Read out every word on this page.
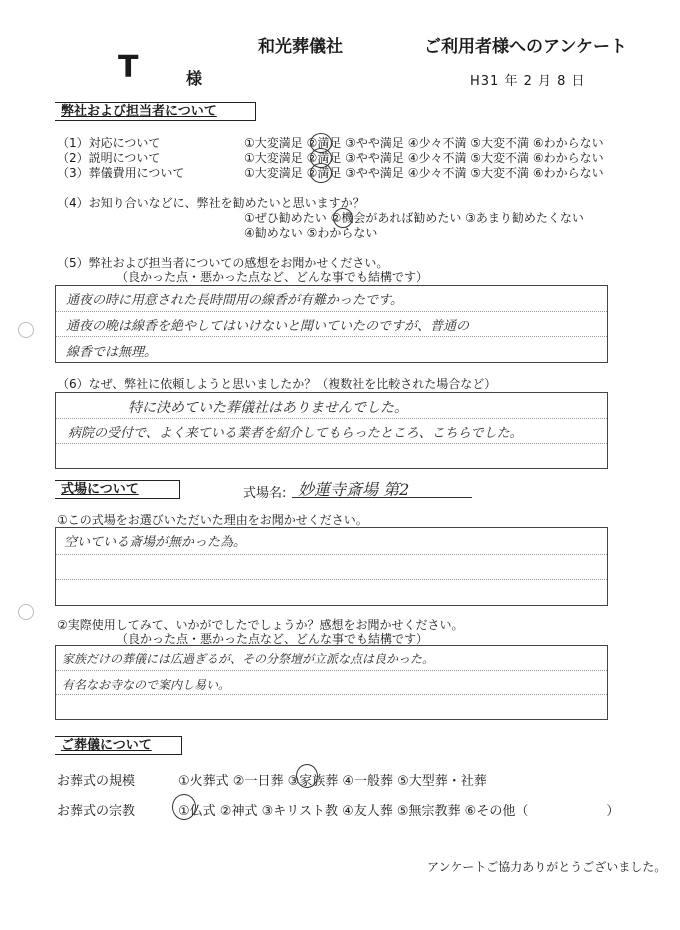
和光葬儀社	ご利用者様へのアンケート
T	様	H31 年 2 月 8 日
弊社および担当者について
（1）対応について	①大変満足 ②満足 ③やや満足 ④少々不満 ⑤大変不満 ⑥わからない
（2）説明について	①大変満足 ②満足 ③やや満足 ④少々不満 ⑤大変不満 ⑥わからない
（3）葬儀費用について	①大変満足 ②満足 ③やや満足 ④少々不満 ⑤大変不満 ⑥わからない
（4）お知り合いなどに、弊社を勧めたいと思いますか？
①ぜひ勧めたい ②機会があれば勧めたい ③あまり勧めたくない
④勧めない ⑤わからない
（5）弊社および担当者についての感想をお聞かせください。
（良かった点・悪かった点など、どんな事でも結構です）
通夜の時に用意された長時間用の線香が有難かったです。
通夜の晩は線香を絶やしてはいけないと聞いていたのですが、普通の
線香では無理。
（6）なぜ、弊社に依頼しようと思いましたか？（複数社を比較された場合など）
特に決めていた葬儀社はありませんでした。
病院の受付で、よく来ている業者を紹介してもらったところ、こちらでした。
式場について	式場名: 妙蓮寺斎場 第2
①この式場をお選びいただいた理由をお聞かせください。
空いている斎場が無かった為。
②実際使用してみて、いかがでしたでしょうか？感想をお聞かせください。
（良かった点・悪かった点など、どんな事でも結構です）
家族だけの葬儀には広過ぎるが、その分祭壇が立派な点は良かった。
有名なお寺なので案内し易い。
ご葬儀について
お葬式の規模	①火葬式 ②一日葬 ③家族葬 ④一般葬 ⑤大型葬・社葬
お葬式の宗教	①仏式 ②神式 ③キリスト教 ④友人葬 ⑤無宗教葬 ⑥その他（　　　　　　）
アンケートご協力ありがとうございました。
